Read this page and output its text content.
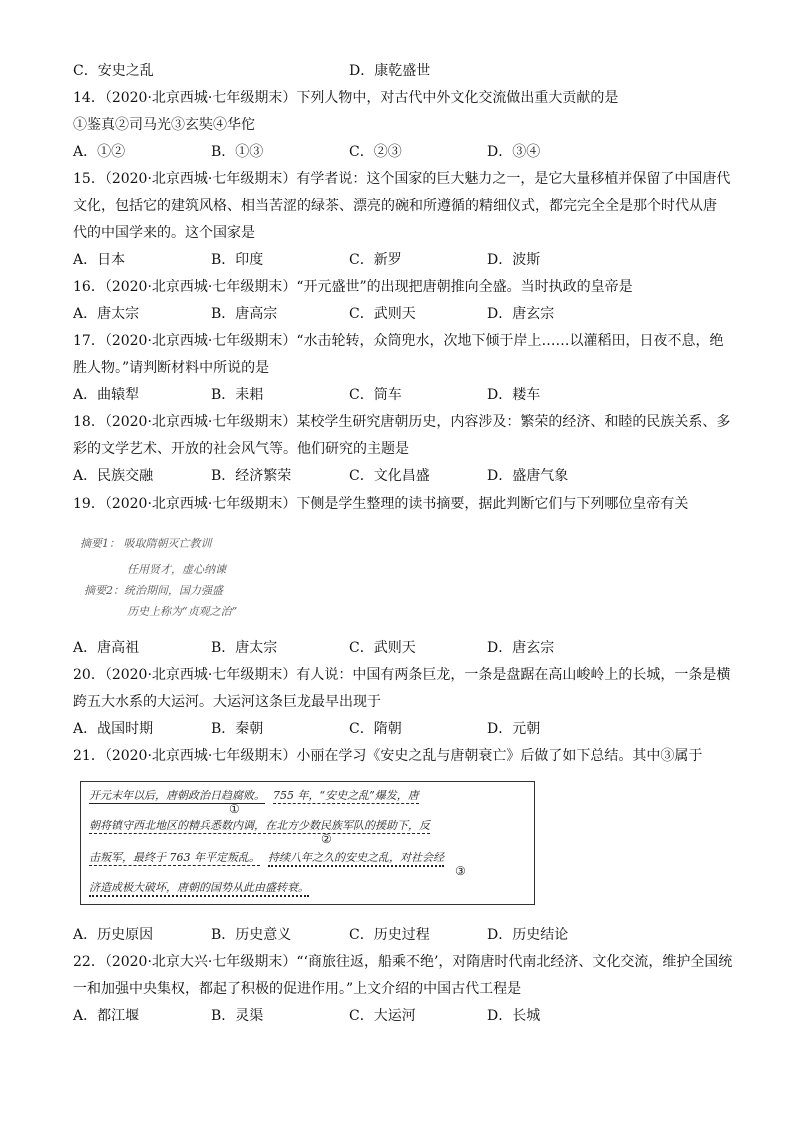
C．安史之乱	D．康乾盛世
14．（2020·北京西城·七年级期末）下列人物中，对古代中外文化交流做出重大贡献的是
①鉴真②司马光③玄奘④华佗
A．①②	B．①③	C．②③	D．③④
15．（2020·北京西城·七年级期末）有学者说：这个国家的巨大魅力之一，是它大量移植并保留了中国唐代
文化，包括它的建筑风格、相当苦涩的绿茶、漂亮的碗和所遵循的精细仪式，都完完全全是那个时代从唐
代的中国学来的。这个国家是
A．日本	B．印度	C．新罗	D．波斯
16．（2020·北京西城·七年级期末）“开元盛世”的出现把唐朝推向全盛。当时执政的皇帝是
A．唐太宗	B．唐高宗	C．武则天	D．唐玄宗
17．（2020·北京西城·七年级期末）“水击轮转，众筒兜水，次地下倾于岸上……以灌稻田，日夜不息，绝
胜人物。”请判断材料中所说的是
A．曲辕犁	B．耒耜	C．筒车	D．耧车
18．（2020·北京西城·七年级期末）某校学生研究唐朝历史，内容涉及：繁荣的经济、和睦的民族关系、多
彩的文学艺术、开放的社会风气等。他们研究的主题是
A．民族交融	B．经济繁荣	C．文化昌盛	D．盛唐气象
19．（2020·北京西城·七年级期末）下侧是学生整理的读书摘要，据此判断它们与下列哪位皇帝有关
摘要1： 吸取隋朝灭亡教训
任用贤才，虚心纳谏
摘要2：统治期间，国力强盛
历史上称为“贞观之治”
A．唐高祖	B．唐太宗	C．武则天	D．唐玄宗
20．（2020·北京西城·七年级期末）有人说：中国有两条巨龙，一条是盘踞在高山峻岭上的长城，一条是横
跨五大水系的大运河。大运河这条巨龙最早出现于
A．战国时期	B．秦朝	C．隋朝	D．元朝
21．（2020·北京西城·七年级期末）小丽在学习《安史之乱与唐朝衰亡》后做了如下总结。其中③属于
开元末年以后，唐朝政治日趋腐败。 755 年，“安史之乱”爆发，唐
①
朝将镇守西北地区的精兵悉数内调，在北方少数民族军队的援助下，反
②
击叛军，最终于 763 年平定叛乱。 持续八年之久的安史之乱，对社会经
③
济造成极大破坏，唐朝的国势从此由盛转衰。
A．历史原因	B．历史意义	C．历史过程	D．历史结论
22．（2020·北京大兴·七年级期末）“‘商旅往返，船乘不绝’，对隋唐时代南北经济、文化交流，维护全国统
一和加强中央集权，都起了积极的促进作用。”上文介绍的中国古代工程是
A．都江堰	B．灵渠	C．大运河	D．长城
